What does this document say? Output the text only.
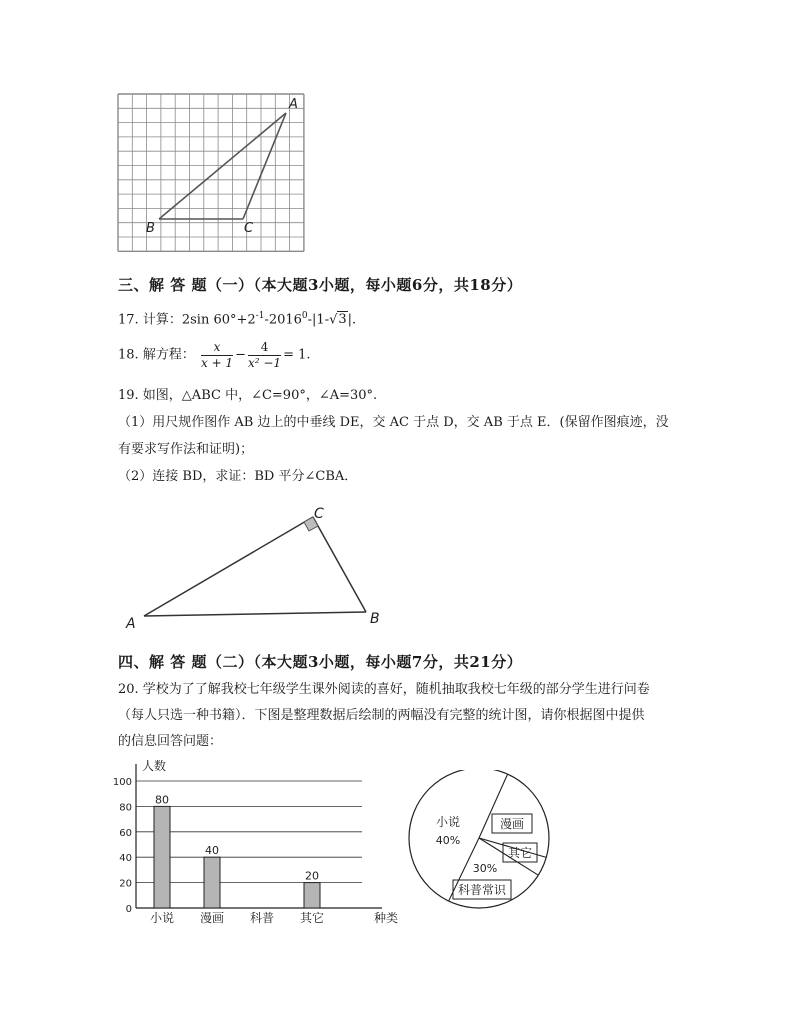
A
B	C
三、解 答 题（一）（本大题3小题，每小题6分，共18分）
17. 计算：2sin $60^\circ+2^{-1}-2016^0-|1-√3|$.
18. 解方程： $\frac{x}{x + 1} - \frac{4}{\text{x² −1}} = 1$.
19. 如图，△ABC 中，∠C=90°，∠A=30°.
（1）用尺规作图作 AB 边上的中垂线 DE，交 AC 于点 D，交 AB 于点 E．(保留作图痕迹，没
有要求写作法和证明)；
（2）连接 BD，求证：BD 平分∠CBA．
C
A	B
四、解 答 题（二）（本大题3小题，每小题7分，共21分）
20. 学校为了了解我校七年级学生课外阅读的喜好，随机抽取我校七年级的部分学生进行问卷
（每人只选一种书籍）．下图是整理数据后绘制的两幅没有完整的统计图，请你根据图中提供
的信息回答问题：
0
20
40
60
80
100
人数
种类
80
小说
40
漫画 科普
20
其它
小说
40%
漫画
其它
科普常识
30%
